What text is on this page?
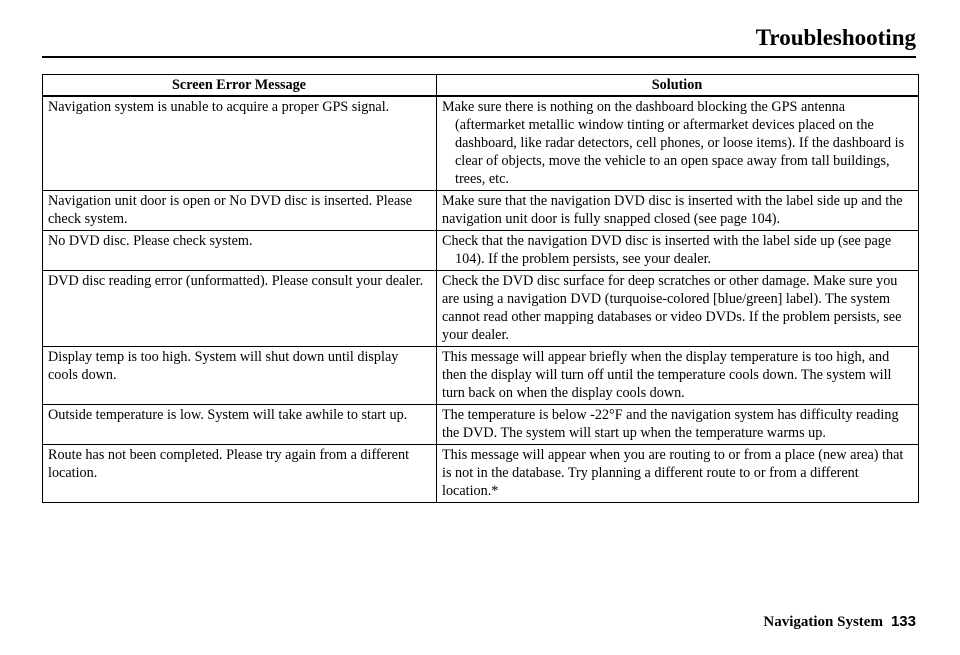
Troubleshooting
Screen Error Message	Solution
Navigation system is unable to acquire a proper GPS signal.	Make sure there is nothing on the dashboard blocking the GPS antenna (aftermarket metallic window tinting or aftermarket devices placed on the dashboard, like radar detectors, cell phones, or loose items). If the dashboard is clear of objects, move the vehicle to an open space away from tall buildings, trees, etc.

Navigation unit door is open or No DVD disc is inserted. Please check system.	Make sure that the navigation DVD disc is inserted with the label side up and the navigation unit door is fully snapped closed (see page 104).

No DVD disc. Please check system.	Check that the navigation DVD disc is inserted with the label side up (see page 104). If the problem persists, see your dealer.

DVD disc reading error (unformatted). Please consult your dealer.	Check the DVD disc surface for deep scratches or other damage. Make sure you are using a navigation DVD (turquoise-colored [blue/green] label). The system cannot read other mapping databases or video DVDs. If the problem persists, see your dealer.

Display temp is too high. System will shut down until display cools down.	This message will appear briefly when the display temperature is too high, and then the display will turn off until the temperature cools down. The system will turn back on when the display cools down.

Outside temperature is low. System will take awhile to start up.	The temperature is below -22°F and the navigation system has difficulty reading the DVD. The system will start up when the temperature warms up.

Route has not been completed. Please try again from a different location.	This message will appear when you are routing to or from a place (new area) that is not in the database. Try planning a different route to or from a different location.*
Navigation System 133
